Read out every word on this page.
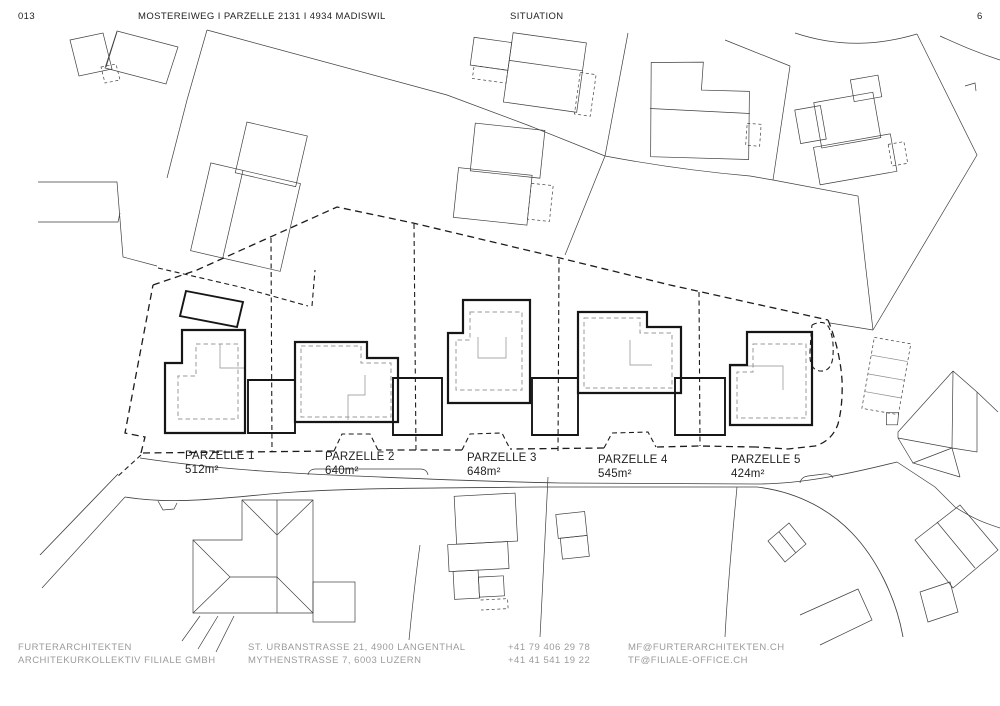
013	MOSTEREIWEG I PARZELLE 2131 I 4934 MADISWIL	SITUATION	6
PARZELLE 1
512m²
PARZELLE 2
640m²
PARZELLE 3
648m²
PARZELLE 4
545m²
PARZELLE 5
424m²
FURTERARCHITEKTEN
ARCHITEKURKOLLEKTIV FILIALE GMBH
ST. URBANSTRASSE 21, 4900 LANGENTHAL
MYTHENSTRASSE 7, 6003 LUZERN
+41 79 406 29 78
+41 41 541 19 22
MF@FURTERARCHITEKTEN.CH
TF@FILIALE-OFFICE.CH
